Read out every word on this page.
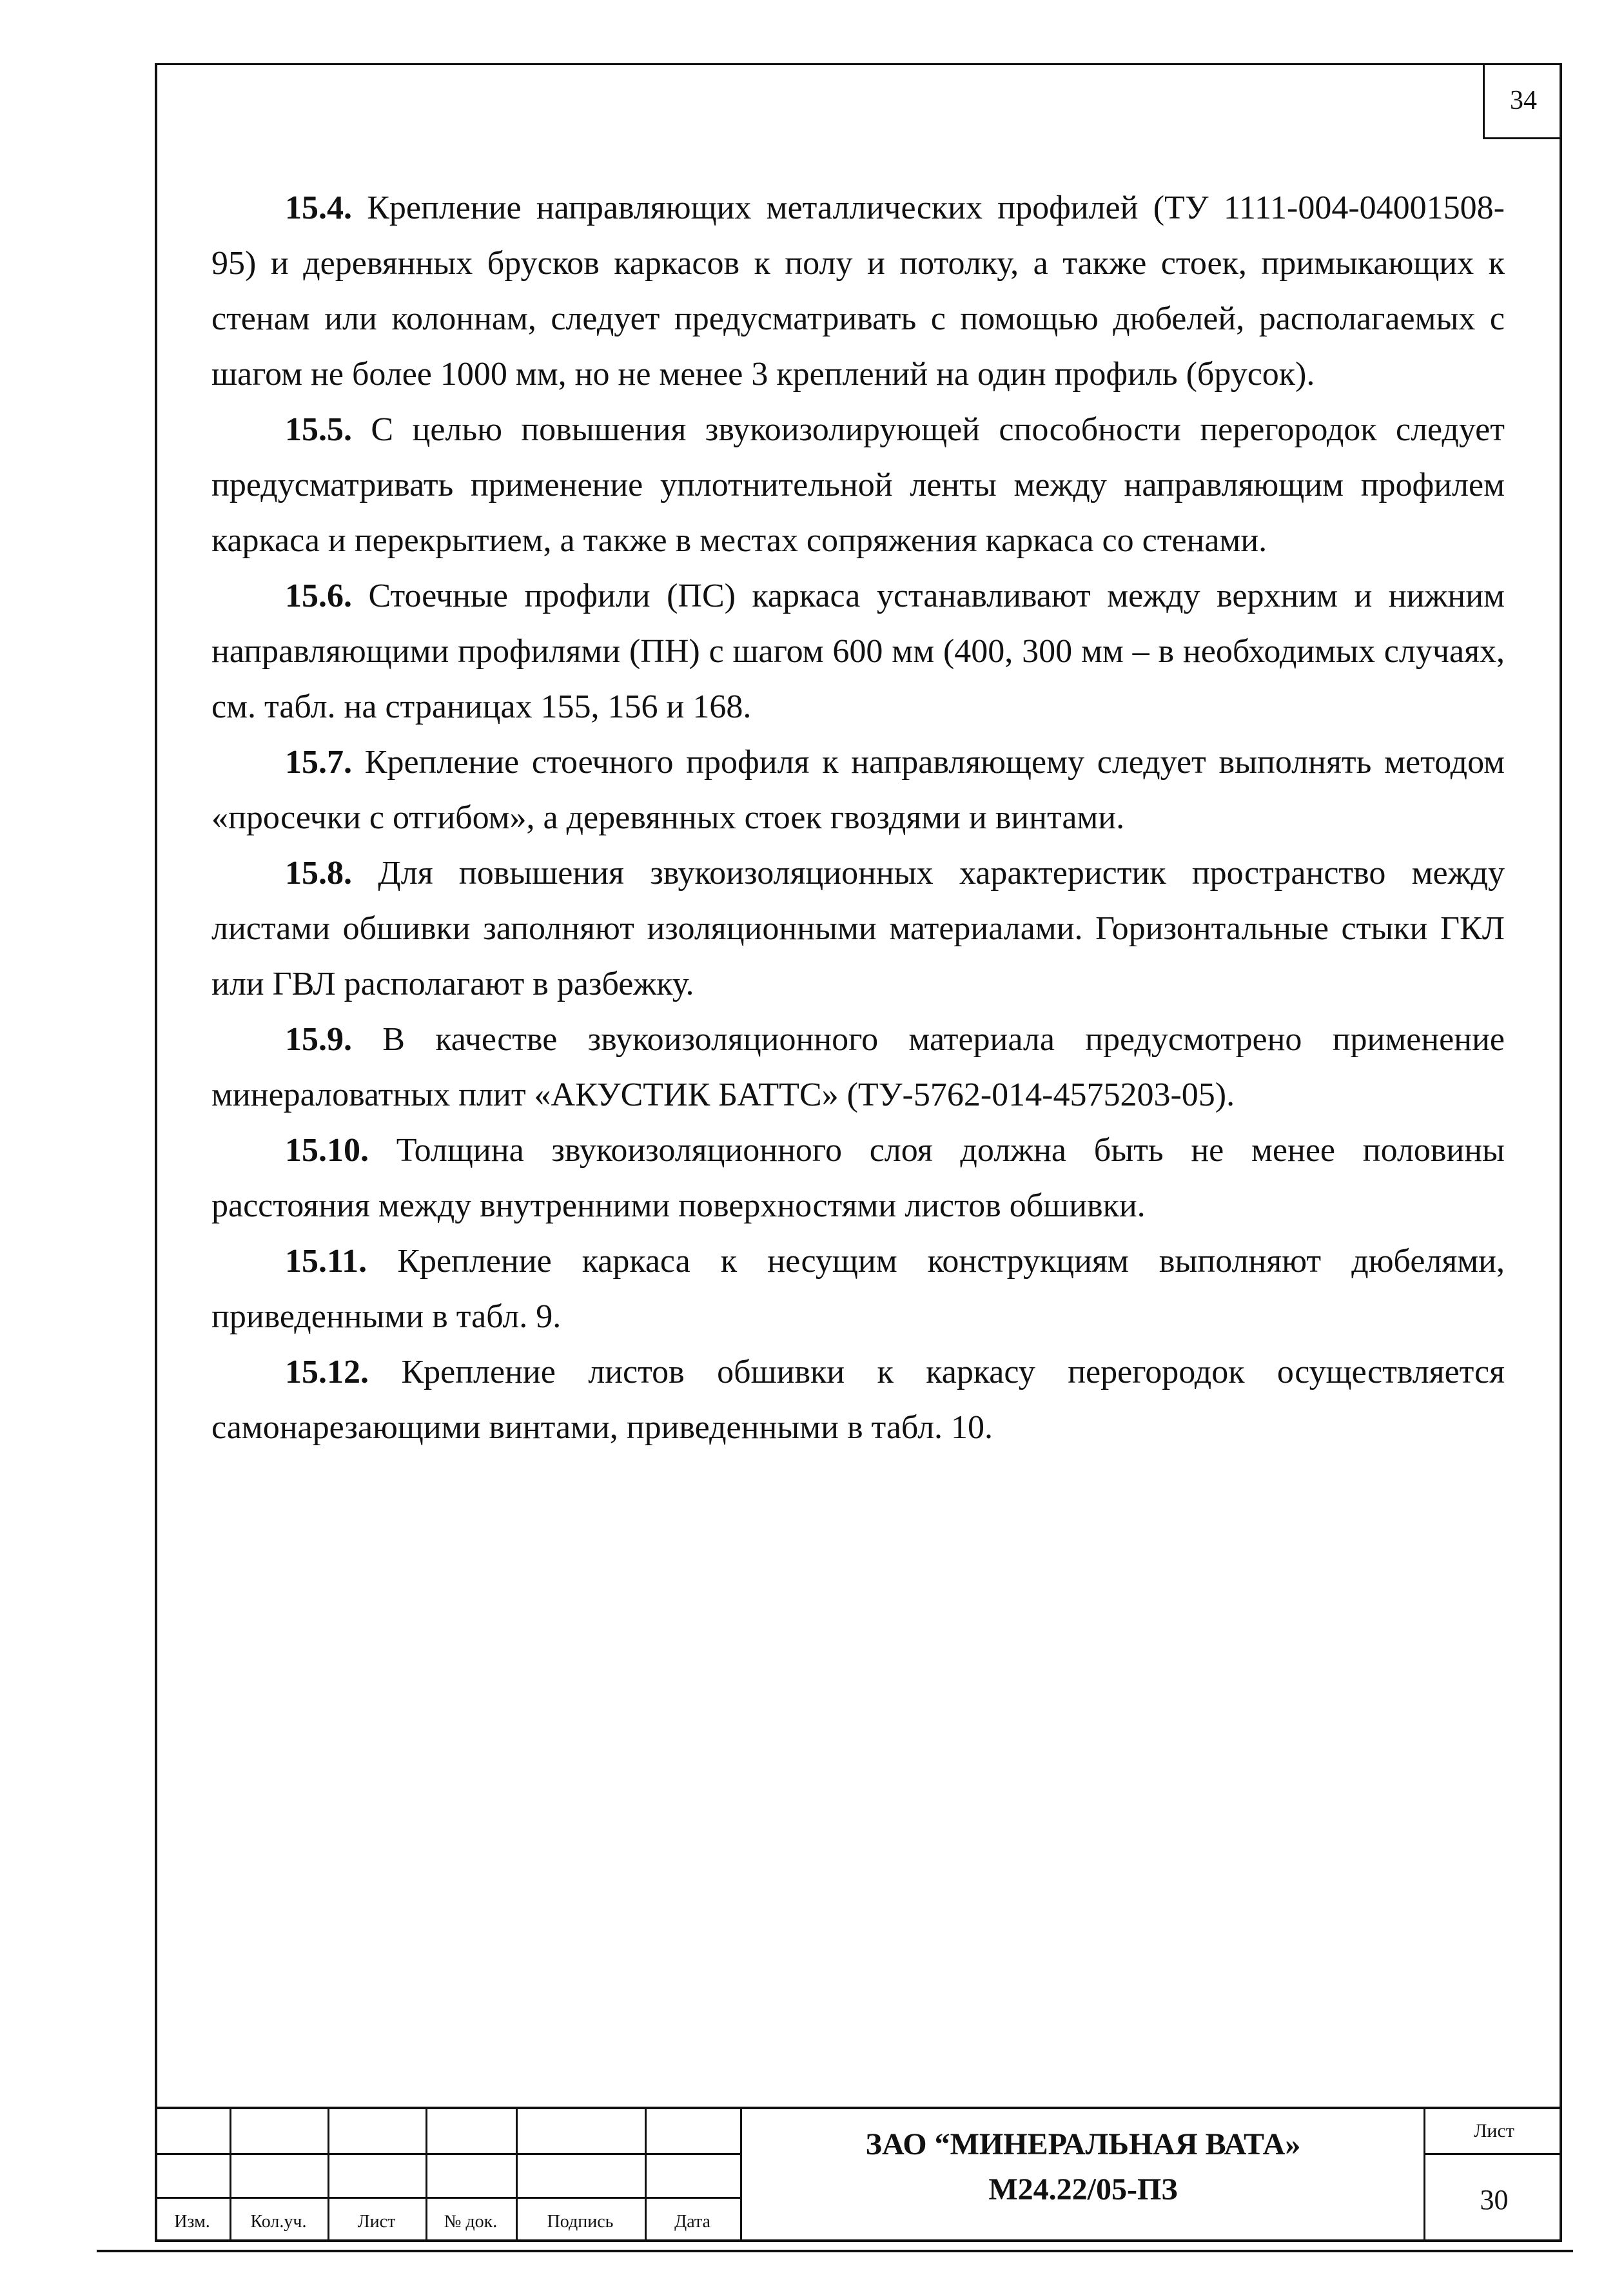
34

15.4. Крепление направляющих металлических профилей (ТУ 1111-004-04001508-95) и деревянных брусков каркасов к полу и потолку, а также стоек, примыкающих к стенам или колоннам, следует предусматривать с помощью дюбелей, располагаемых с шагом не более 1000 мм, но не менее 3 креплений на один профиль (брусок).

15.5. С целью повышения звукоизолирующей способности перегородок следует предусматривать применение уплотнительной ленты между направляющим профилем каркаса и перекрытием, а также в местах сопряжения каркаса со стенами.

15.6. Стоечные профили (ПС) каркаса устанавливают между верхним и нижним направляющими профилями (ПН) с шагом 600 мм (400, 300 мм – в необходимых случаях, см. табл. на страницах 155, 156 и 168.

15.7. Крепление стоечного профиля к направляющему следует выполнять методом «просечки с отгибом», а деревянных стоек гвоздями и винтами.

15.8. Для повышения звукоизоляционных характеристик пространство между листами обшивки заполняют изоляционными материалами. Горизонтальные стыки ГКЛ или ГВЛ располагают в разбежку.

15.9. В качестве звукоизоляционного материала предусмотрено применение минераловатных плит «АКУСТИК БАТТС» (ТУ-5762-014-4575203-05).

15.10. Толщина звукоизоляционного слоя должна быть не менее половины расстояния между внутренними поверхностями листов обшивки.

15.11. Крепление каркаса к несущим конструкциям выполняют дюбелями, приведенными в табл. 9.

15.12. Крепление листов обшивки к каркасу перегородок осуществляется самонарезающими винтами, приведенными в табл. 10.

Изм.	Кол.уч.	Лист	№ док.	Подпись	Дата
ЗАО “МИНЕРАЛЬНАЯ ВАТА»
М24.22/05-ПЗ
Лист
30
